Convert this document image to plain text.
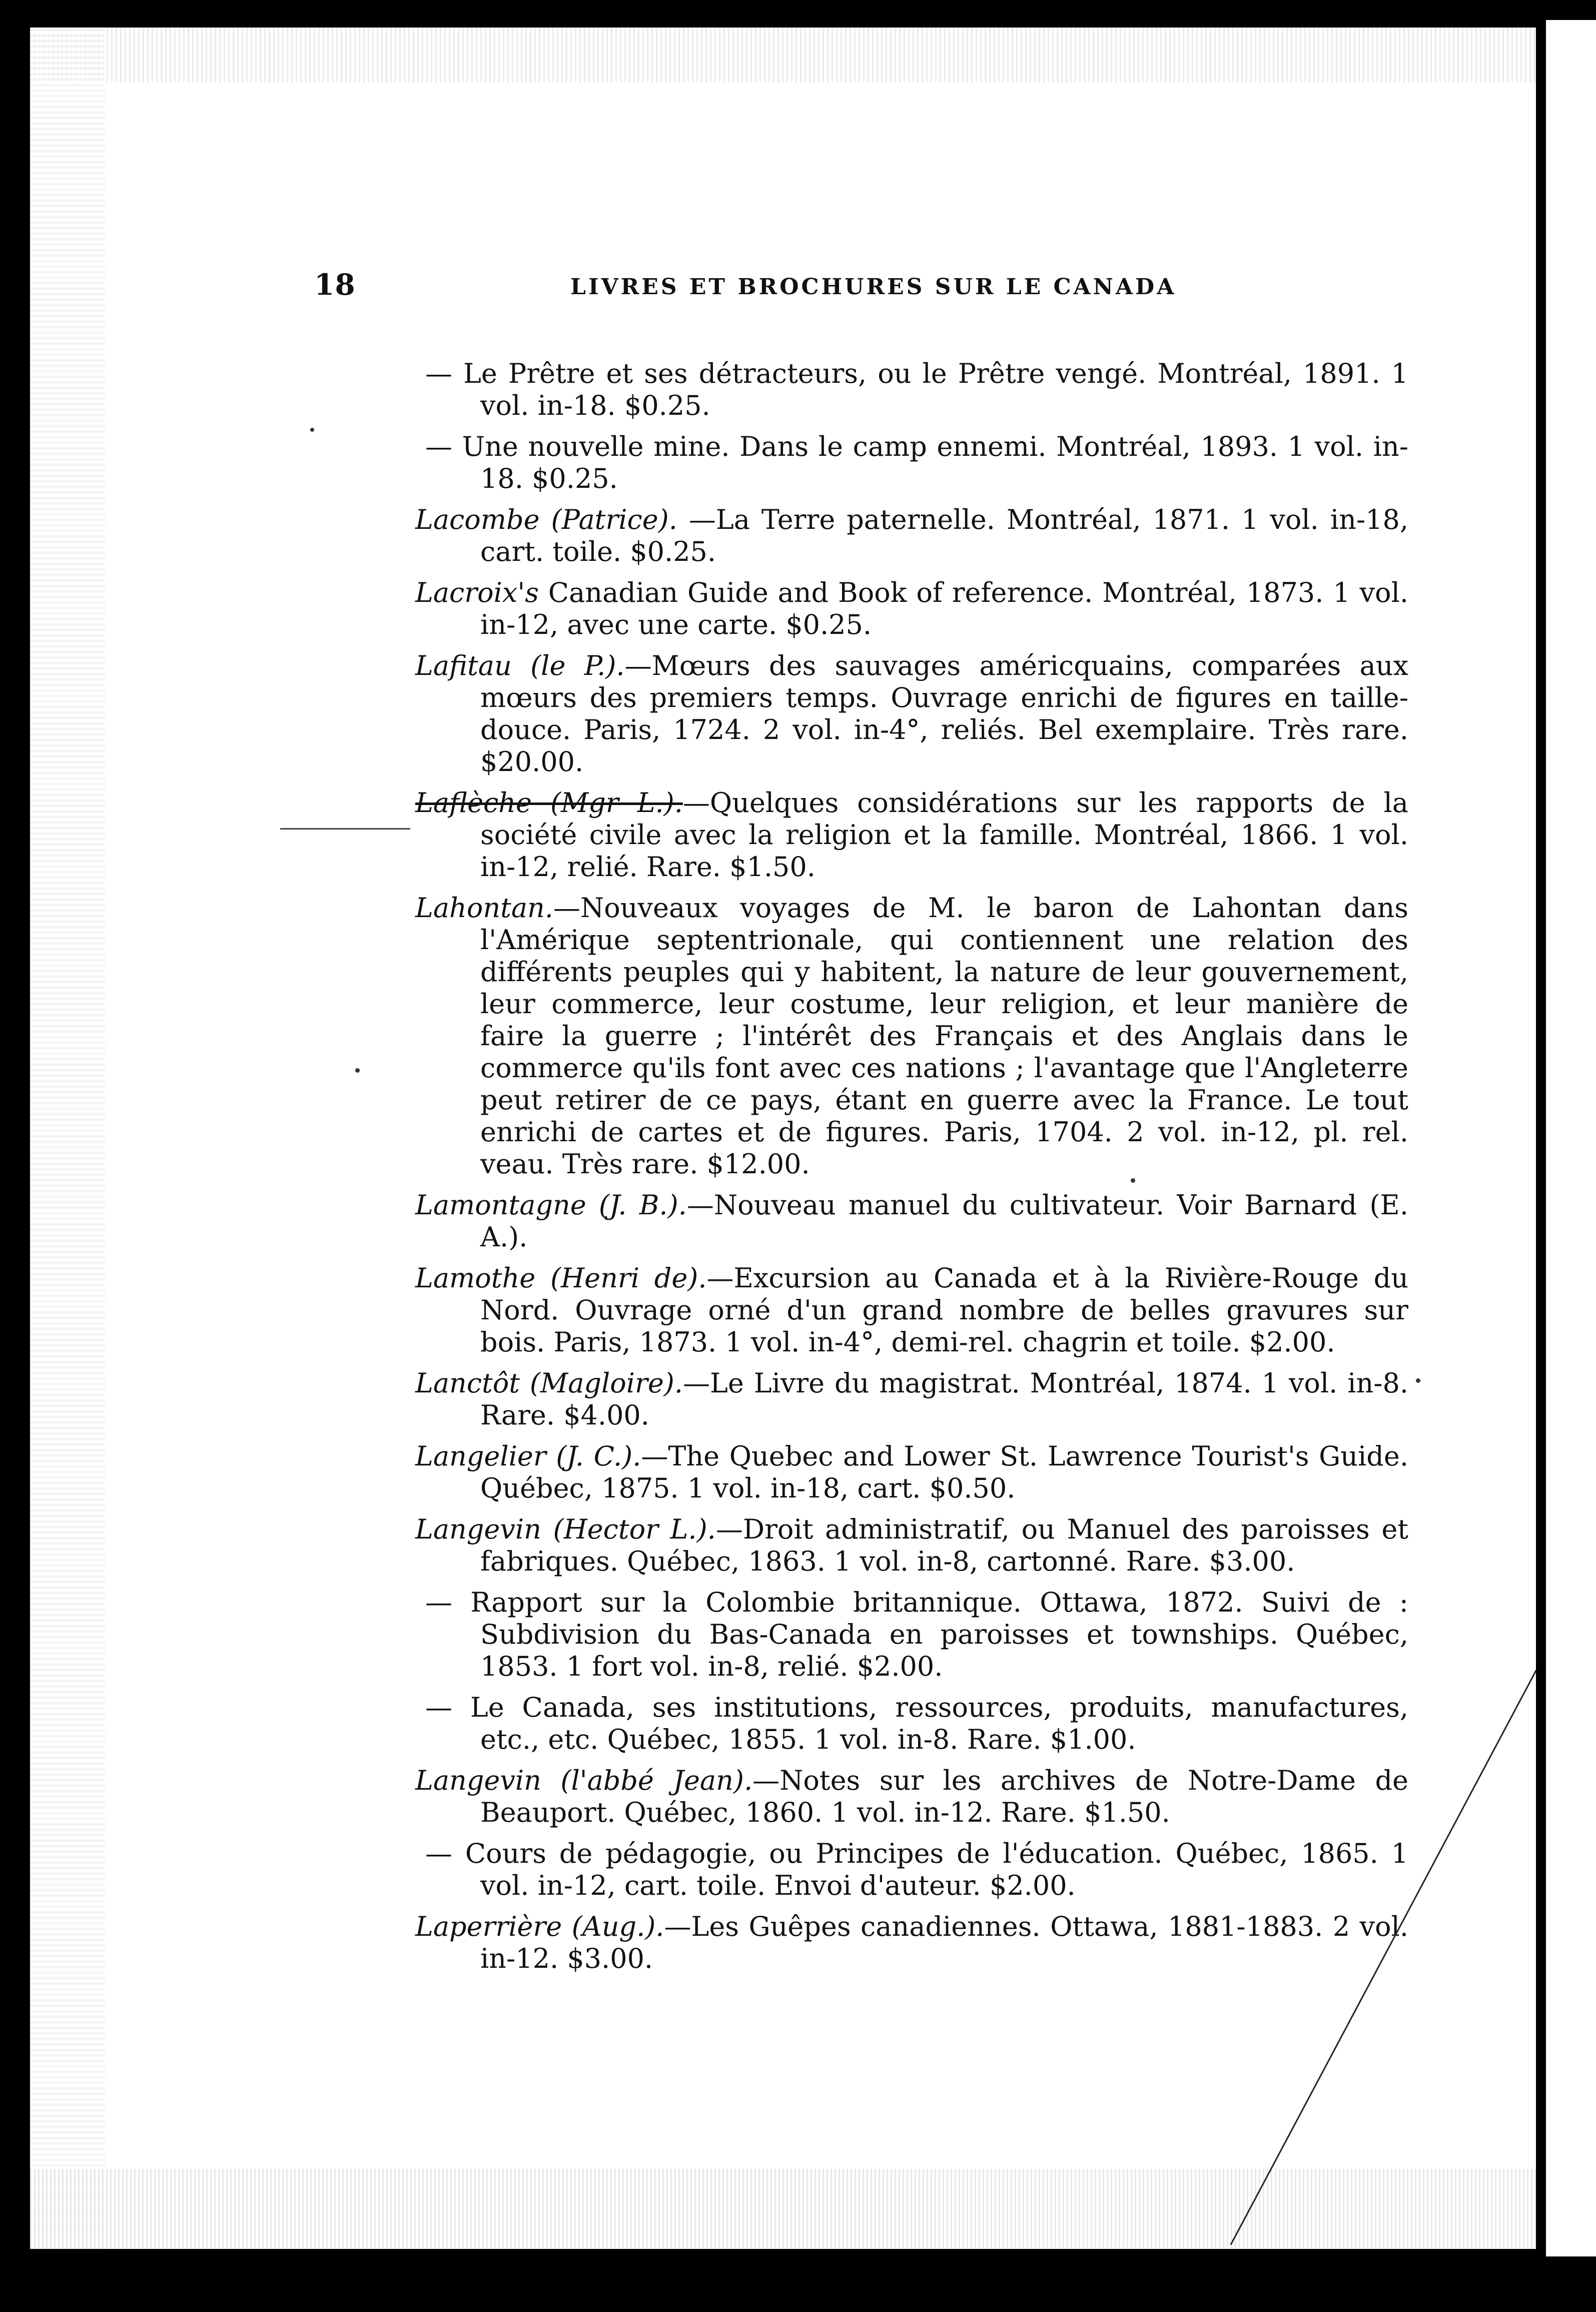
18	LIVRES ET BROCHURES SUR LE CANADA

— Le Prêtre et ses détracteurs, ou le Prêtre vengé. Montréal, 1891. 1 vol. in-18. $0.25.

— Une nouvelle mine. Dans le camp ennemi. Montréal, 1893. 1 vol. in-18. $0.25.

Lacombe (Patrice). —La Terre paternelle. Montréal, 1871. 1 vol. in-18, cart. toile. $0.25.

Lacroix's Canadian Guide and Book of reference. Montréal, 1873. 1 vol. in-12, avec une carte. $0.25.

Lafitau (le P.).—Mœurs des sauvages américquains, comparées aux mœurs des premiers temps. Ouvrage enrichi de figures en taille-douce. Paris, 1724. 2 vol. in-4°, reliés. Bel exemplaire. Très rare. $20.00.

Laflèche (Mgr L.).—Quelques considérations sur les rapports de la société civile avec la religion et la famille. Montréal, 1866. 1 vol. in-12, relié. Rare. $1.50.

Lahontan.—Nouveaux voyages de M. le baron de Lahontan dans l'Amérique septentrionale, qui contiennent une relation des différents peuples qui y habitent, la nature de leur gouvernement, leur commerce, leur costume, leur religion, et leur manière de faire la guerre ; l'intérêt des Français et des Anglais dans le commerce qu'ils font avec ces nations ; l'avantage que l'Angleterre peut retirer de ce pays, étant en guerre avec la France. Le tout enrichi de cartes et de figures. Paris, 1704. 2 vol. in-12, pl. rel. veau. Très rare. $12.00.

Lamontagne (J. B.).—Nouveau manuel du cultivateur. Voir Barnard (E. A.).

Lamothe (Henri de).—Excursion au Canada et à la Rivière-Rouge du Nord. Ouvrage orné d'un grand nombre de belles gravures sur bois. Paris, 1873. 1 vol. in-4°, demi-rel. chagrin et toile. $2.00.

Lanctôt (Magloire).—Le Livre du magistrat. Montréal, 1874. 1 vol. in-8. Rare. $4.00.

Langelier (J. C.).—The Quebec and Lower St. Lawrence Tourist's Guide. Québec, 1875. 1 vol. in-18, cart. $0.50.

Langevin (Hector L.).—Droit administratif, ou Manuel des paroisses et fabriques. Québec, 1863. 1 vol. in-8, cartonné. Rare. $3.00.

— Rapport sur la Colombie britannique. Ottawa, 1872. Suivi de : Subdivision du Bas-Canada en paroisses et townships. Québec, 1853. 1 fort vol. in-8, relié. $2.00.

— Le Canada, ses institutions, ressources, produits, manufactures, etc., etc. Québec, 1855. 1 vol. in-8. Rare. $1.00.

Langevin (l'abbé Jean).—Notes sur les archives de Notre-Dame de Beauport. Québec, 1860. 1 vol. in-12. Rare. $1.50.

— Cours de pédagogie, ou Principes de l'éducation. Québec, 1865. 1 vol. in-12, cart. toile. Envoi d'auteur. $2.00.

Laperrière (Aug.).—Les Guêpes canadiennes. Ottawa, 1881-1883. 2 vol. in-12. $3.00.
